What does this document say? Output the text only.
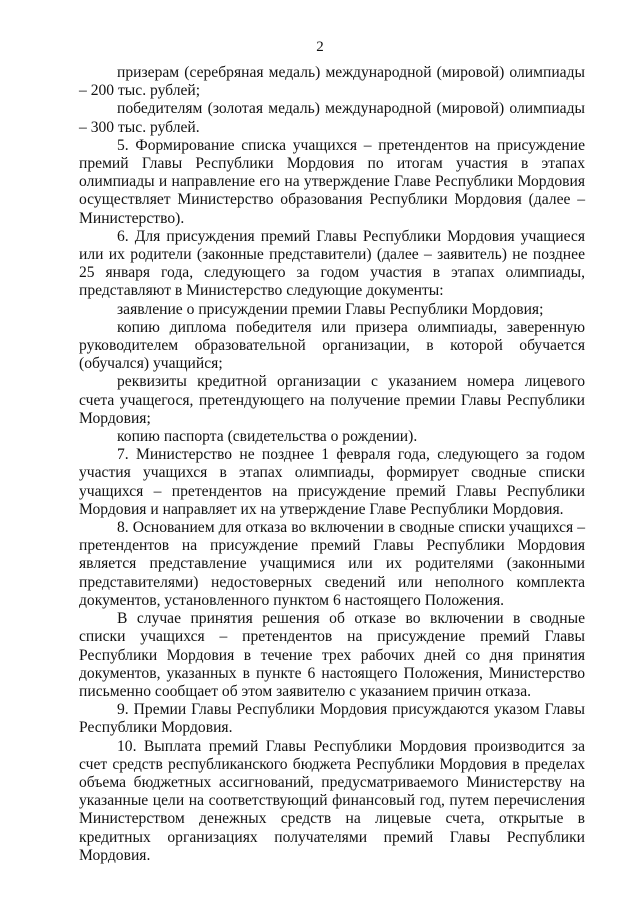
2

призерам (серебряная медаль) международной (мировой) олимпиады – 200 тыс. рублей;

победителям (золотая медаль) международной (мировой) олимпиады – 300 тыс. рублей.

5. Формирование списка учащихся – претендентов на присуждение премий Главы Республики Мордовия по итогам участия в этапах олимпиады и направление его на утверждение Главе Республики Мордовия осуществляет Министерство образования Республики Мордовия (далее – Министерство).

6. Для присуждения премий Главы Республики Мордовия учащиеся или их родители (законные представители) (далее – заявитель) не позднее 25 января года, следующего за годом участия в этапах олимпиады, представляют в Министерство следующие документы:

заявление о присуждении премии Главы Республики Мордовия;

копию диплома победителя или призера олимпиады, заверенную руководителем образовательной организации, в которой обучается (обучался) учащийся;

реквизиты кредитной организации с указанием номера лицевого счета учащегося, претендующего на получение премии Главы Республики Мордовия;

копию паспорта (свидетельства о рождении).

7. Министерство не позднее 1 февраля года, следующего за годом участия учащихся в этапах олимпиады, формирует сводные списки учащихся – претендентов на присуждение премий Главы Республики Мордовия и направляет их на утверждение Главе Республики Мордовия.

8. Основанием для отказа во включении в сводные списки учащихся – претендентов на присуждение премий Главы Республики Мордовия является представление учащимися или их родителями (законными представителями) недостоверных сведений или неполного комплекта документов, установленного пунктом 6 настоящего Положения.

В случае принятия решения об отказе во включении в сводные списки учащихся – претендентов на присуждение премий Главы Республики Мордовия в течение трех рабочих дней со дня принятия документов, указанных в пункте 6 настоящего Положения, Министерство письменно сообщает об этом заявителю с указанием причин отказа.

9. Премии Главы Республики Мордовия присуждаются указом Главы Республики Мордовия.

10. Выплата премий Главы Республики Мордовия производится за счет средств республиканского бюджета Республики Мордовия в пределах объема бюджетных ассигнований, предусматриваемого Министерству на указанные цели на соответствующий финансовый год, путем перечисления Министерством денежных средств на лицевые счета, открытые в кредитных организациях получателями премий Главы Республики Мордовия.
